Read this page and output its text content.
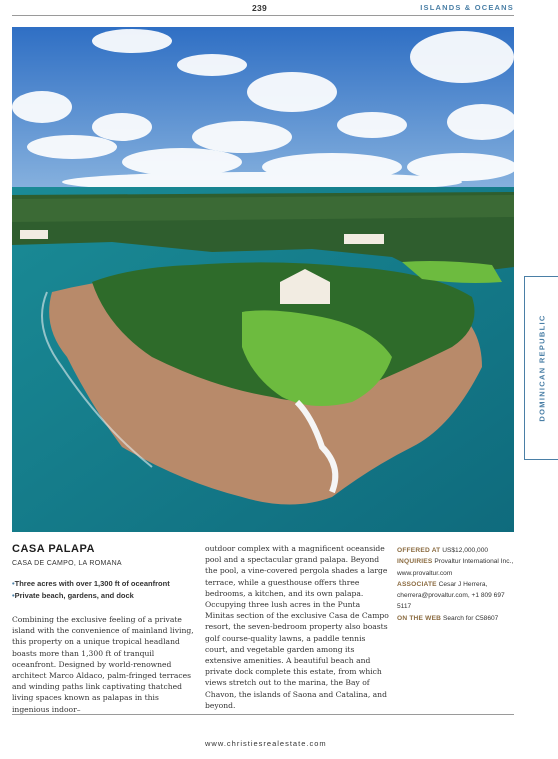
239	ISLANDS & OCEANS
DOMINICAN REPUBLIC
CASA PALAPA
CASA DE CAMPO, LA ROMANA
• Three acres with over 1,300 ft of oceanfront
• Private beach, gardens, and dock

Combining the exclusive feeling of a private island with the convenience of mainland living, this property on a unique tropical headland boasts more than 1,300 ft of tranquil oceanfront. Designed by world-renowned architect Marco Aldaco, palm-fringed terraces and winding paths link captivating thatched living spaces known as palapas in this ingenious indoor–

outdoor complex with a magnificent oceanside pool and a spectacular grand palapa. Beyond the pool, a vine-covered pergola shades a large terrace, while a guesthouse offers three bedrooms, a kitchen, and its own palapa. Occupying three lush acres in the Punta Minitas section of the exclusive Casa de Campo resort, the seven-bedroom property also boasts golf course-quality lawns, a paddle tennis court, and vegetable garden among its extensive amenities. A beautiful beach and private dock complete this estate, from which views stretch out to the marina, the Bay of Chavon, the islands of Saona and Catalina, and beyond.

OFFERED AT US$12,000,000
INQUIRIES Provaltur International Inc., www.provaltur.com
ASSOCIATE Cesar J Herrera, cherrera@provaltur.com, +1 809 697 5117
ON THE WEB Search for C58607
www.christiesrealestate.com
